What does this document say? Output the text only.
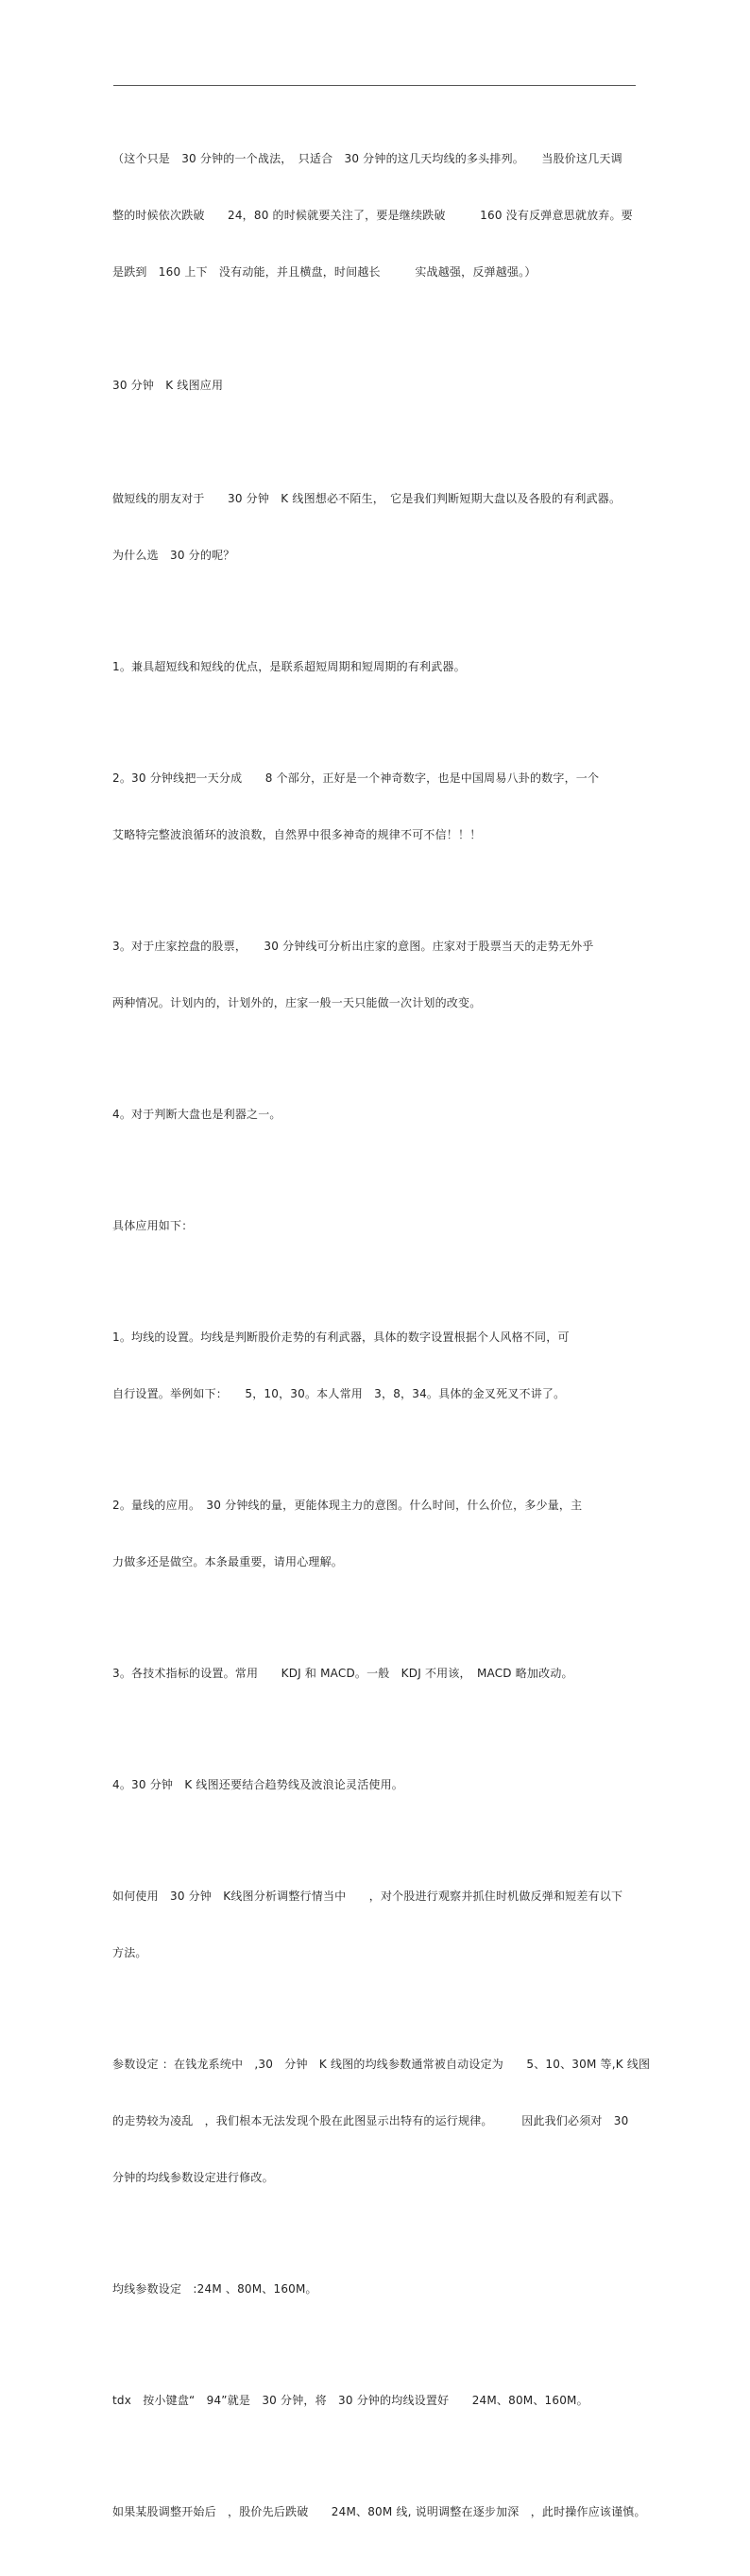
（这个只是　30 分钟的一个战法，　只适合　30 分钟的这几天均线的多头排列。　　当股价这几天调

整的时候依次跌破　　24，80 的时候就要关注了，要是继续跌破　　　160 没有反弹意思就放弃。要

是跌到　160 上下　没有动能，并且横盘，时间越长　　　实战越强，反弹越强。）

30 分钟　K 线图应用

做短线的朋友对于　　30 分钟　K 线图想必不陌生，　它是我们判断短期大盘以及各股的有利武器。

为什么选　30 分的呢？

1。兼具超短线和短线的优点，是联系超短周期和短周期的有利武器。

2。30 分钟线把一天分成　　8 个部分，正好是一个神奇数字，也是中国周易八卦的数字，一个

艾略特完整波浪循环的波浪数，自然界中很多神奇的规律不可不信！！！

3。对于庄家控盘的股票，　　30 分钟线可分析出庄家的意图。庄家对于股票当天的走势无外乎

两种情况。计划内的，计划外的，庄家一般一天只能做一次计划的改变。

4。对于判断大盘也是利器之一。

具体应用如下：

1。均线的设置。均线是判断股价走势的有利武器，具体的数字设置根据个人风格不同，可

自行设置。举例如下：　　5，10，30。本人常用　3，8，34。具体的金叉死叉不讲了。

2。量线的应用。　30 分钟线的量，更能体现主力的意图。什么时间，什么价位，多少量，主

力做多还是做空。本条最重要，请用心理解。

3。各技术指标的设置。常用　　KDJ 和 MACD。一般　KDJ 不用该，　MACD 略加改动。

4。30 分钟　K 线图还要结合趋势线及波浪论灵活使用。

如何使用　30 分钟　K线图分析调整行情当中　　，对个股进行观察并抓住时机做反弹和短差有以下

方法。

参数设定 ：在钱龙系统中　,30　分钟　K 线图的均线参数通常被自动设定为　　5、10、30M 等,K 线图

的走势较为凌乱　，我们根本无法发现个股在此图显示出特有的运行规律。　　　因此我们必须对　30

分钟的均线参数设定进行修改。

均线参数设定　:24M 、80M、160M。

tdx　按小键盘“　94”就是　30 分钟，将　30 分钟的均线设置好　　24M、80M、160M。

如果某股调整开始后　，股价先后跌破　　24M、80M 线, 说明调整在逐步加深　，此时操作应该谨慎。
